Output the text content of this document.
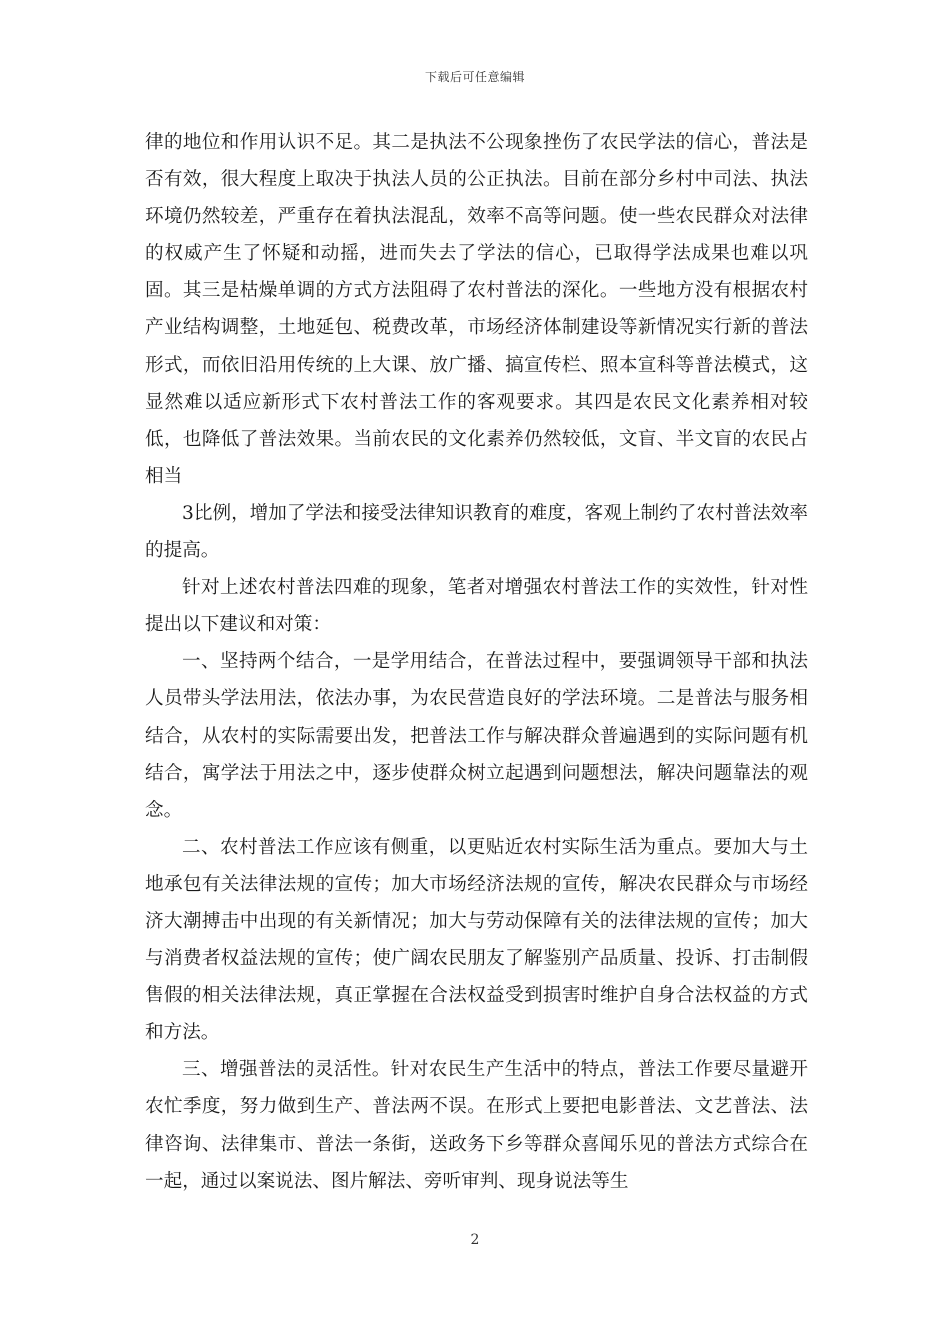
下载后可任意编辑

律的地位和作用认识不足。其二是执法不公现象挫伤了农民学法的信心，普法是否有效，很大程度上取决于执法人员的公正执法。目前在部分乡村中司法、执法环境仍然较差，严重存在着执法混乱，效率不高等问题。使一些农民群众对法律的权威产生了怀疑和动摇，进而失去了学法的信心，已取得学法成果也难以巩固。其三是枯燥单调的方式方法阻碍了农村普法的深化。一些地方没有根据农村产业结构调整，土地延包、税费改革，市场经济体制建设等新情况实行新的普法形式，而依旧沿用传统的上大课、放广播、搞宣传栏、照本宣科等普法模式，这显然难以适应新形式下农村普法工作的客观要求。其四是农民文化素养相对较低，也降低了普法效果。当前农民的文化素养仍然较低，文盲、半文盲的农民占相当

3比例，增加了学法和接受法律知识教育的难度，客观上制约了农村普法效率的提高。

针对上述农村普法四难的现象，笔者对增强农村普法工作的实效性，针对性提出以下建议和对策：

一、坚持两个结合，一是学用结合，在普法过程中，要强调领导干部和执法人员带头学法用法，依法办事，为农民营造良好的学法环境。二是普法与服务相结合，从农村的实际需要出发，把普法工作与解决群众普遍遇到的实际问题有机结合，寓学法于用法之中，逐步使群众树立起遇到问题想法，解决问题靠法的观念。

二、农村普法工作应该有侧重，以更贴近农村实际生活为重点。要加大与土地承包有关法律法规的宣传；加大市场经济法规的宣传，解决农民群众与市场经济大潮搏击中出现的有关新情况；加大与劳动保障有关的法律法规的宣传；加大与消费者权益法规的宣传；使广阔农民朋友了解鉴别产品质量、投诉、打击制假售假的相关法律法规，真正掌握在合法权益受到损害时维护自身合法权益的方式和方法。

三、增强普法的灵活性。针对农民生产生活中的特点，普法工作要尽量避开农忙季度，努力做到生产、普法两不误。在形式上要把电影普法、文艺普法、法律咨询、法律集市、普法一条街，送政务下乡等群众喜闻乐见的普法方式综合在一起，通过以案说法、图片解法、旁听审判、现身说法等生

2
